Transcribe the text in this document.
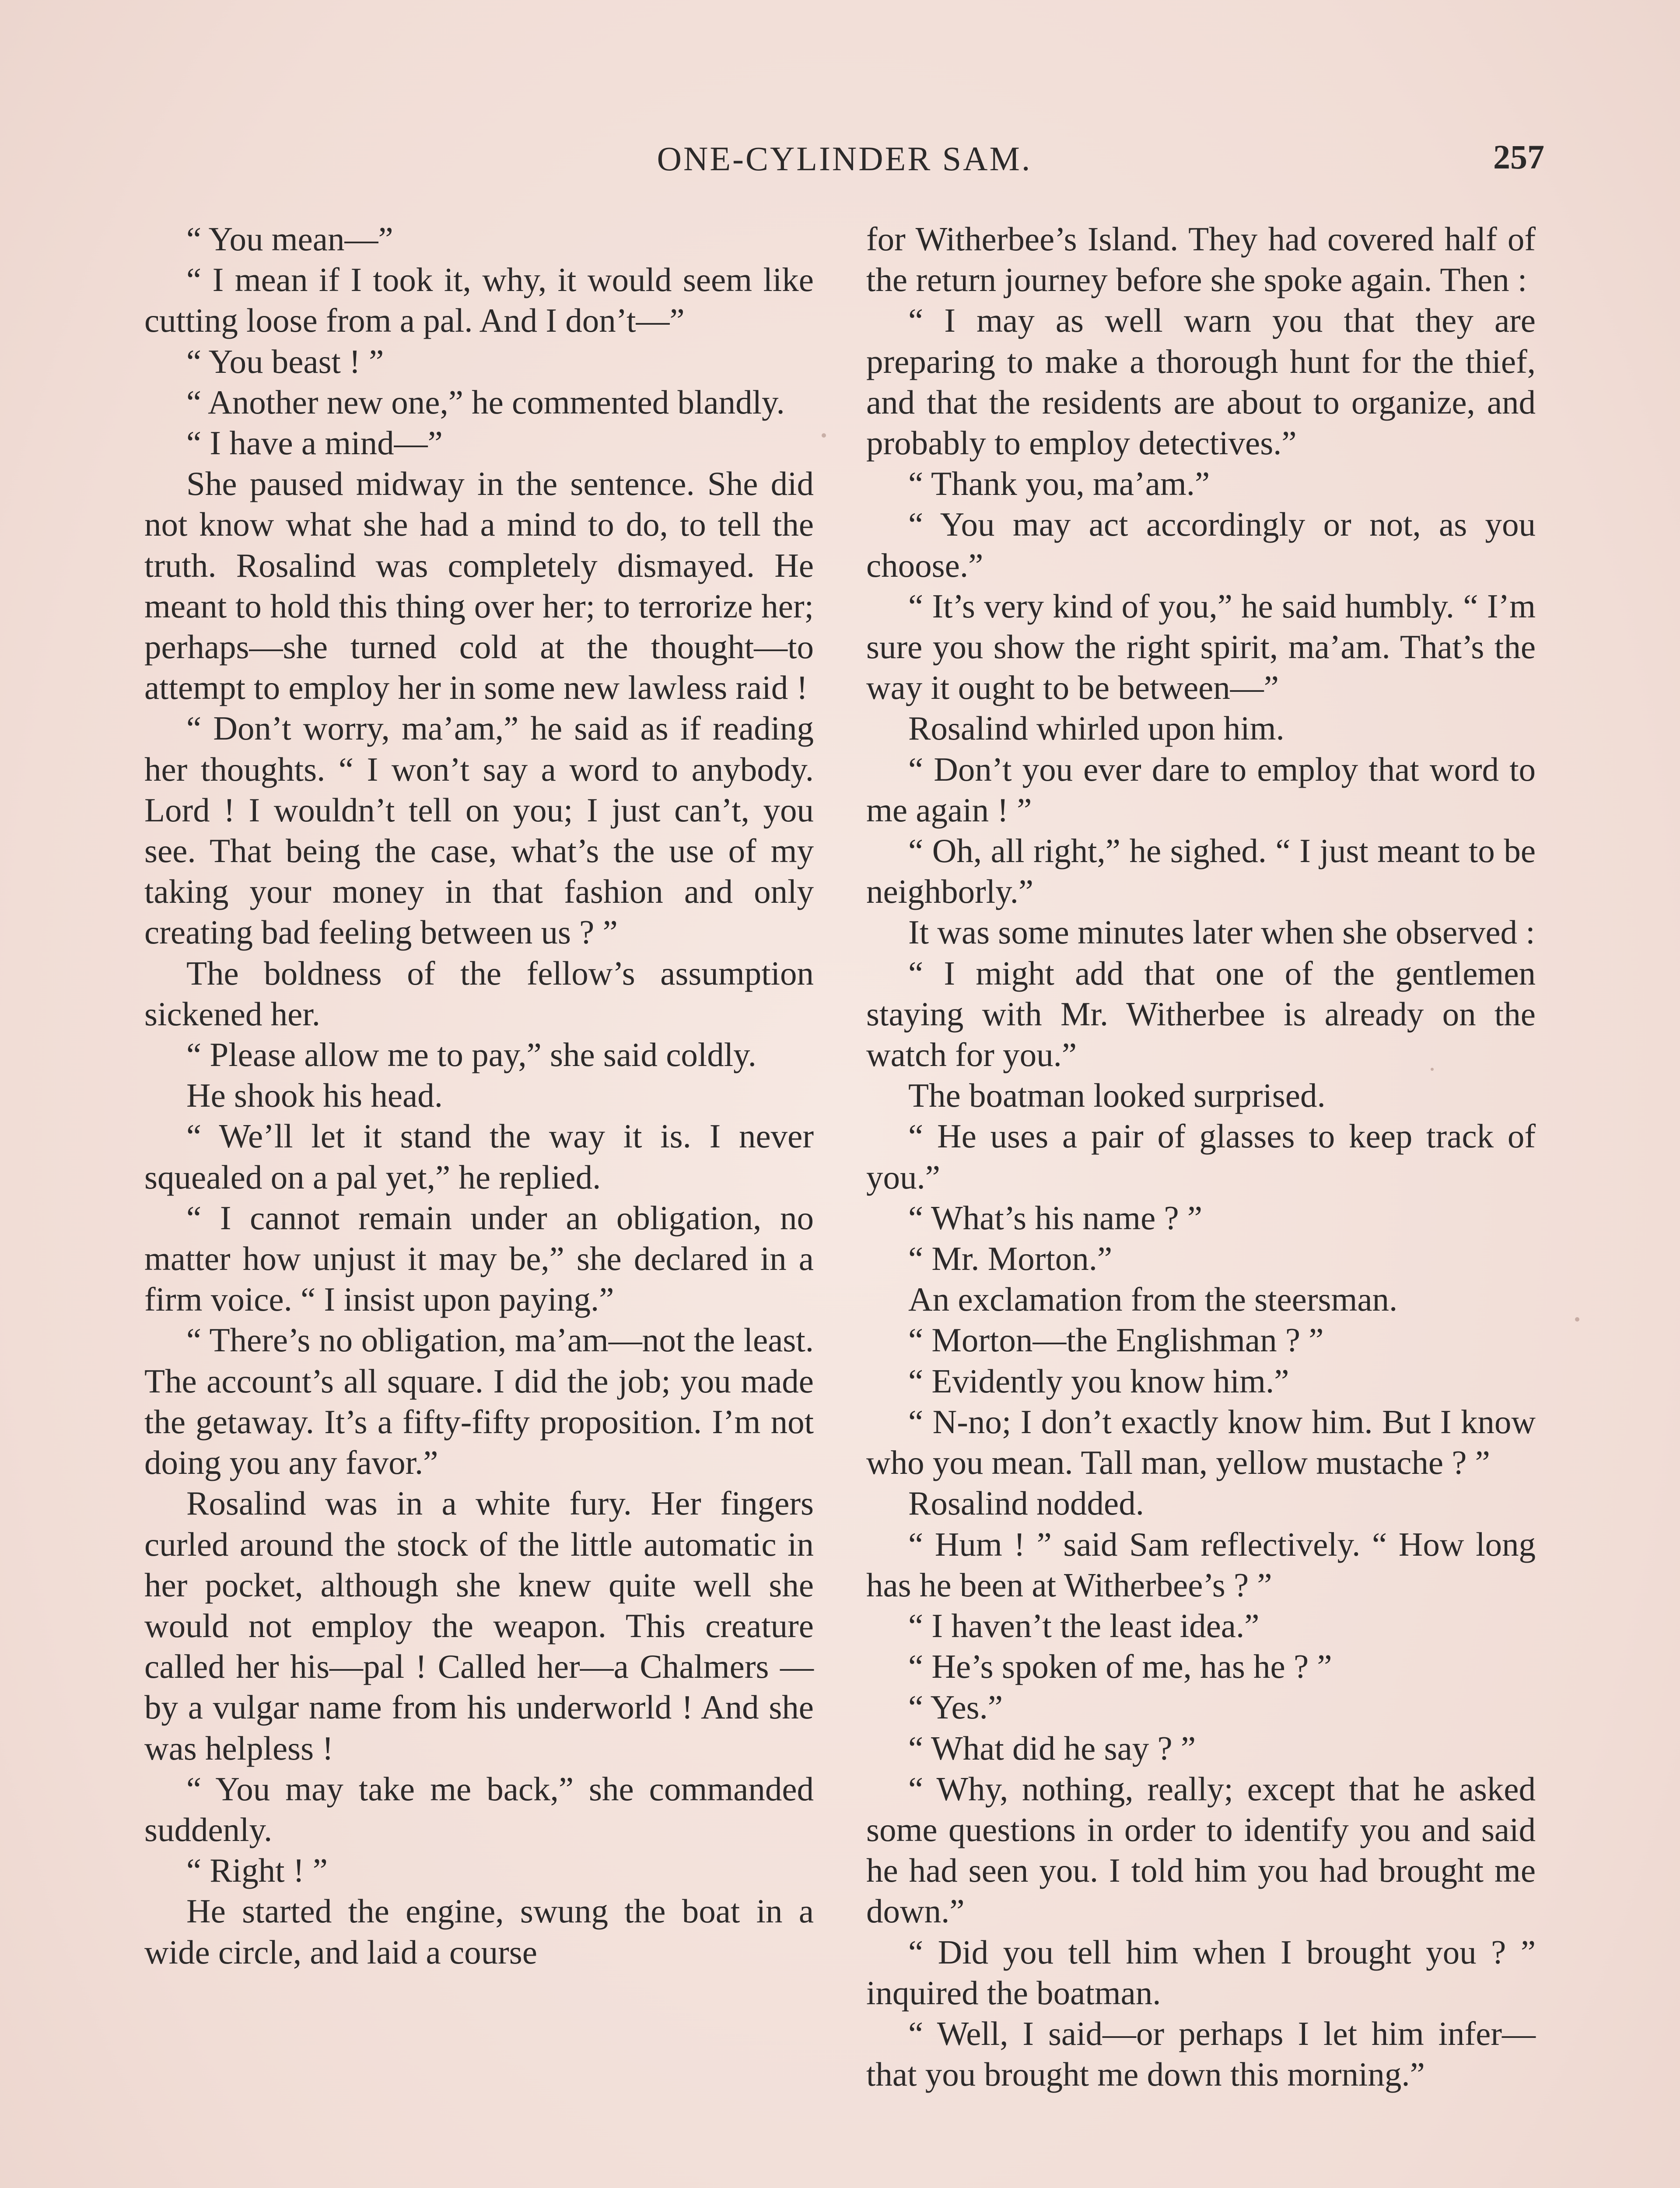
ONE-CYLINDER SAM.	257

“ You mean—”

“ I mean if I took it, why, it would seem like cutting loose from a pal. And I don’t—”

“ You beast ! ”

“ Another new one,” he commented blandly.

“ I have a mind—”

She paused midway in the sentence. She did not know what she had a mind to do, to tell the truth. Rosalind was completely dismayed. He meant to hold this thing over her; to terrorize her; perhaps—she turned cold at the thought—to attempt to employ her in some new lawless raid !

“ Don’t worry, ma’am,” he said as if reading her thoughts. “ I won’t say a word to anybody. Lord ! I wouldn’t tell on you; I just can’t, you see. That being the case, what’s the use of my taking your money in that fashion and only creating bad feeling between us ? ”

The boldness of the fellow’s assumption sickened her.

“ Please allow me to pay,” she said coldly.

He shook his head.

“ We’ll let it stand the way it is. I never squealed on a pal yet,” he replied.

“ I cannot remain under an obligation, no matter how unjust it may be,” she declared in a firm voice. “ I insist upon paying.”

“ There’s no obligation, ma’am—not the least. The account’s all square. I did the job; you made the getaway. It’s a fifty-fifty proposition. I’m not doing you any favor.”

Rosalind was in a white fury. Her fingers curled around the stock of the little automatic in her pocket, although she knew quite well she would not employ the weapon. This creature called her his—pal ! Called her—a Chalmers —by a vulgar name from his underworld ! And she was helpless !

“ You may take me back,” she commanded suddenly.

“ Right ! ”

He started the engine, swung the boat in a wide circle, and laid a course

for Witherbee’s Island. They had covered half of the return journey before she spoke again. Then :

“ I may as well warn you that they are preparing to make a thorough hunt for the thief, and that the residents are about to organize, and probably to employ detectives.”

“ Thank you, ma’am.”

“ You may act accordingly or not, as you choose.”

“ It’s very kind of you,” he said humbly. “ I’m sure you show the right spirit, ma’am. That’s the way it ought to be between—”

Rosalind whirled upon him.

“ Don’t you ever dare to employ that word to me again ! ”

“ Oh, all right,” he sighed. “ I just meant to be neighborly.”

It was some minutes later when she observed :

“ I might add that one of the gentlemen staying with Mr. Witherbee is already on the watch for you.”

The boatman looked surprised.

“ He uses a pair of glasses to keep track of you.”

“ What’s his name ? ”

“ Mr. Morton.”

An exclamation from the steersman.

“ Morton—the Englishman ? ”

“ Evidently you know him.”

“ N-no; I don’t exactly know him. But I know who you mean. Tall man, yellow mustache ? ”

Rosalind nodded.

“ Hum ! ” said Sam reflectively. “ How long has he been at Witherbee’s ? ”

“ I haven’t the least idea.”

“ He’s spoken of me, has he ? ”

“ Yes.”

“ What did he say ? ”

“ Why, nothing, really; except that he asked some questions in order to identify you and said he had seen you. I told him you had brought me down.”

“ Did you tell him when I brought you ? ” inquired the boatman.

“ Well, I said—or perhaps I let him infer—that you brought me down this morning.”
